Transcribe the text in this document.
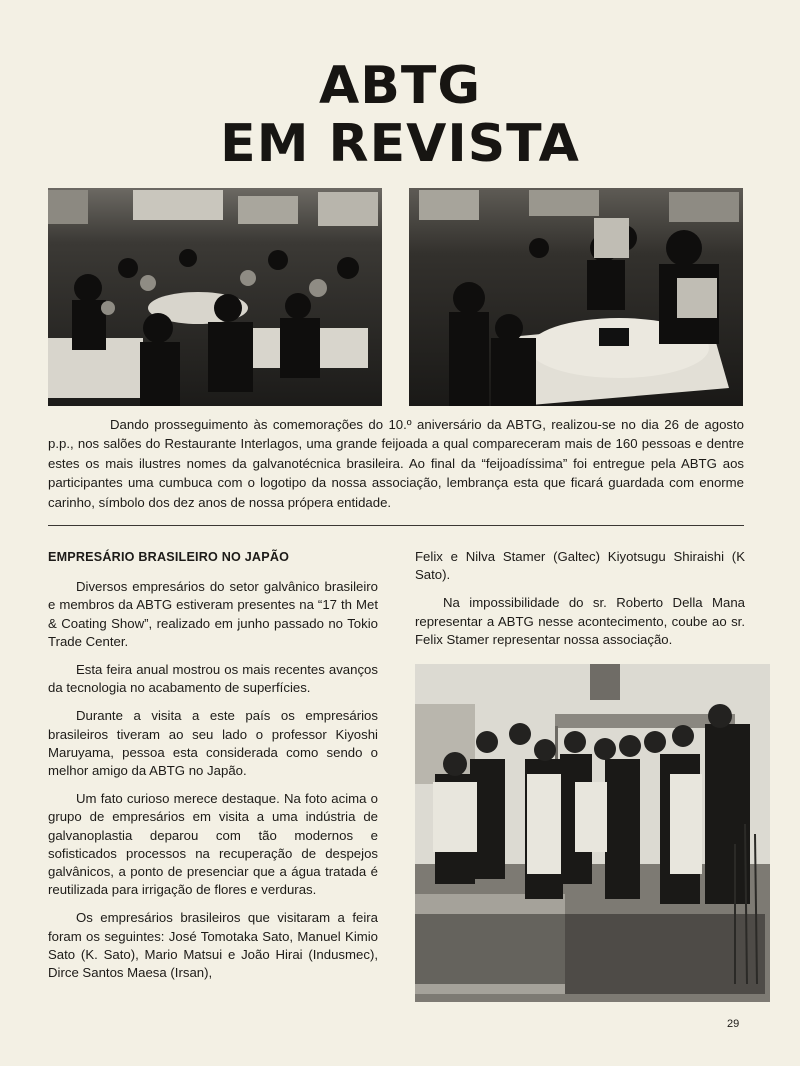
ABTG
EM REVISTA

Dando prosseguimento às comemorações do 10.º aniversário da ABTG, realizou-se no dia 26 de agosto p.p., nos salões do Restaurante Interlagos, uma grande feijoada a qual compareceram mais de 160 pessoas e dentre estes os mais ilustres nomes da galvanotécnica brasileira. Ao final da “feijoadíssima” foi entregue pela ABTG aos participantes uma cumbuca com o logotipo da nossa associação, lembrança esta que ficará guardada com enorme carinho, símbolo dos dez anos de nossa própera entidade.

EMPRESÁRIO BRASILEIRO NO JAPÃO

Diversos empresários do setor galvânico brasileiro e membros da ABTG estiveram presentes na “17 th Met & Coating Show”, realizado em junho passado no Tokio Trade Center.

Esta feira anual mostrou os mais recentes avanços da tecnologia no acabamento de superfícies.

Durante a visita a este país os empresários brasileiros tiveram ao seu lado o professor Kiyoshi Maruyama, pessoa esta considerada como sendo o melhor amigo da ABTG no Japão.

Um fato curioso merece destaque. Na foto acima o grupo de empresários em visita a uma indústria de galvanoplastia deparou com tão modernos e sofisticados processos na recuperação de despejos galvânicos, a ponto de presenciar que a água tratada é reutilizada para irrigação de flores e verduras.

Os empresários brasileiros que visitaram a feira foram os seguintes: José Tomotaka Sato, Manuel Kimio Sato (K. Sato), Mario Matsui e João Hirai (Indusmec), Dirce Santos Maesa (Irsan),

Felix e Nilva Stamer (Galtec) Kiyotsugu Shiraishi (K Sato).

Na impossibilidade do sr. Roberto Della Mana representar a ABTG nesse acontecimento, coube ao sr. Felix Stamer representar nossa associação.

29
